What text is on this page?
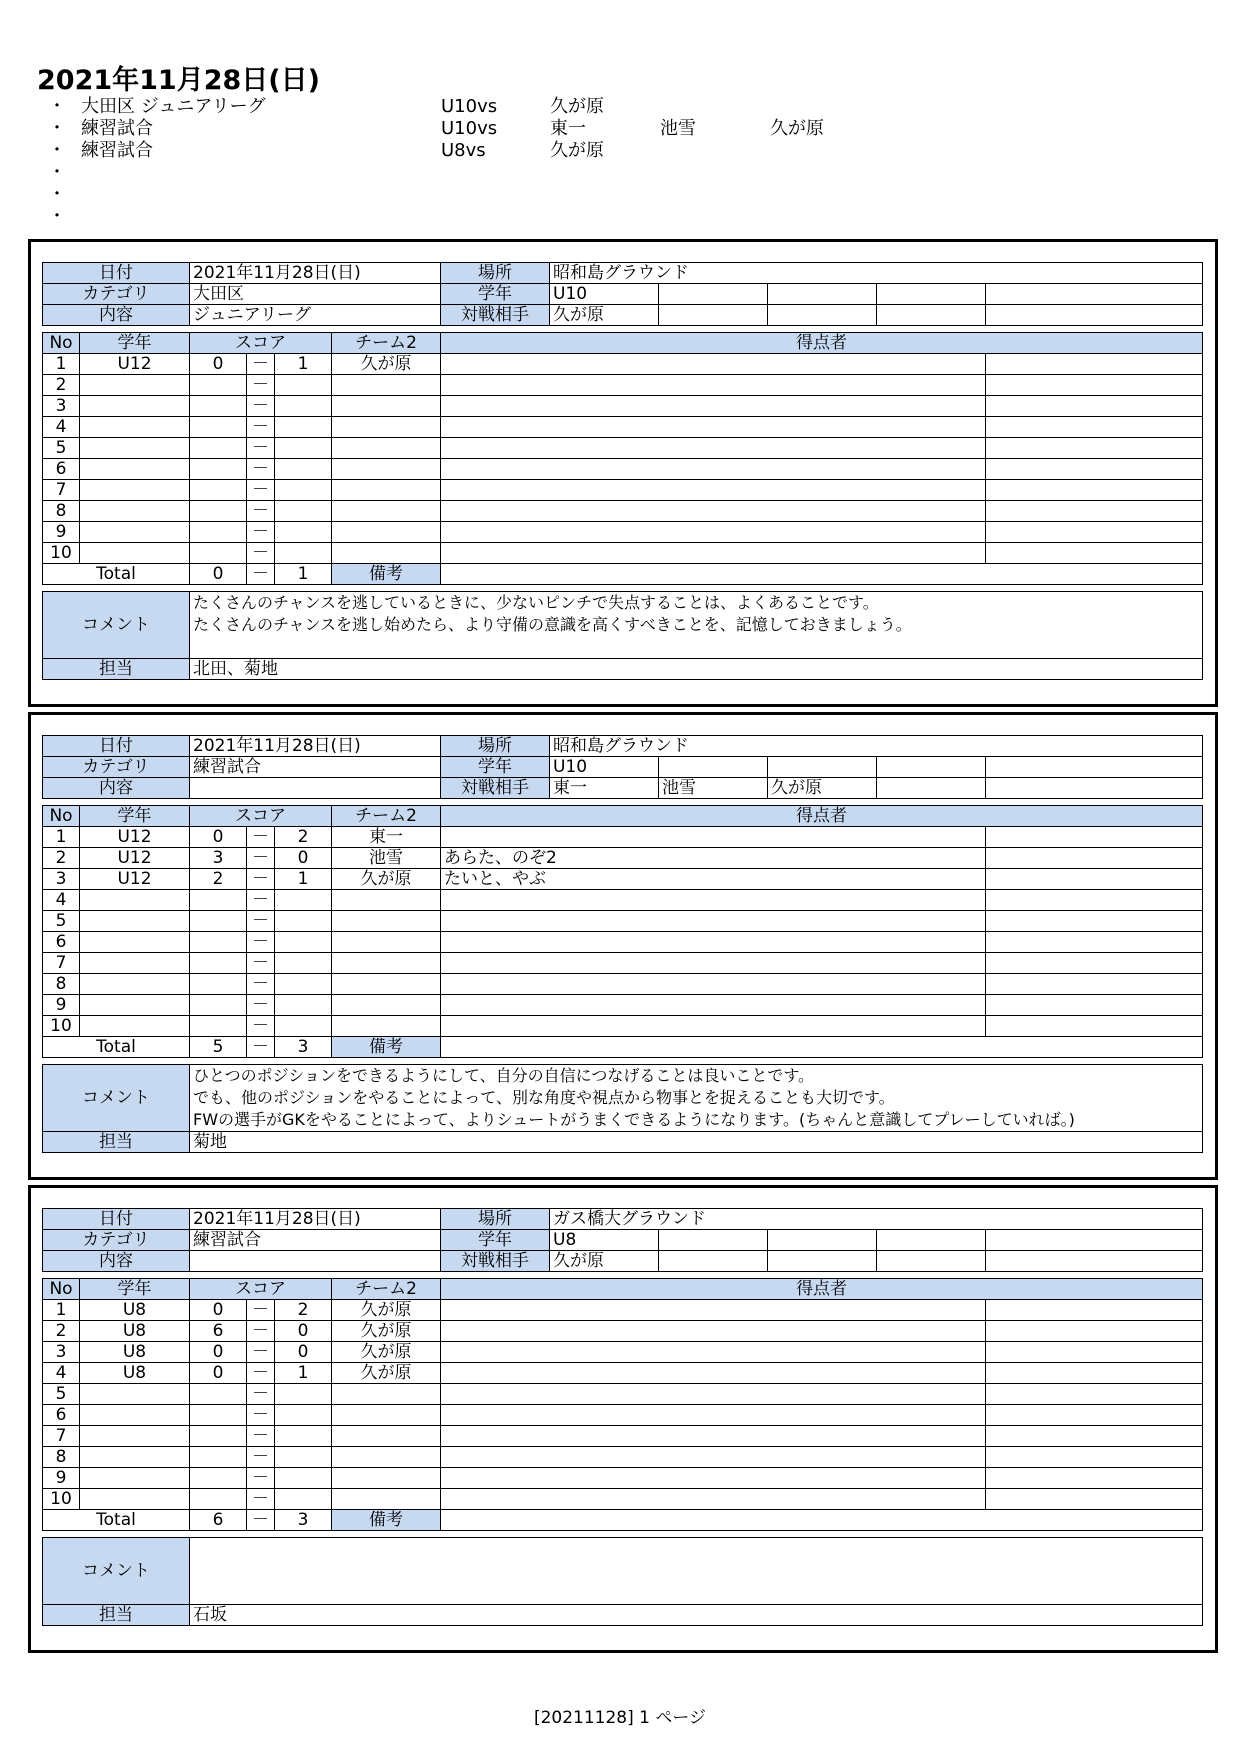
2021年11月28日(日)
・ 大田区 ジュニアリーグ	U10vs	久が原
・ 練習試合	U10vs	東一	池雪	久が原
・ 練習試合	U8vs	久が原
・
・
・
日付		2021年11月28日(日)				場所	昭和島グラウンド				
カテゴリ		大田区				学年	U10				
内容		ジュニアリーグ				対戦相手	久が原				

No	学年	スコア			チーム2	得点者					
1	U12	0	－	1	久が原						
2			－								
3			－								
4			－								
5			－								
6			－								
7			－								
8			－								
9			－								
10			－								
Total		0	－	1	備考						

コメント		たくさんのチャンスを逃しているときに、少ないピンチで失点することは、よくあることです。
たくさんのチャンスを逃し始めたら、より守備の意識を高くすべきことを、記憶しておきましょう。									

担当		北田、菊地									
日付		2021年11月28日(日)				場所	昭和島グラウンド				
カテゴリ		練習試合				学年	U10				
内容						対戦相手	東一	池雪	久が原		

No	学年	スコア			チーム2	得点者					
1	U12	0	－	2	東一						
2	U12	3	－	0	池雪	あらた、のぞ2					
3	U12	2	－	1	久が原	たいと、やぶ					
4			－								
5			－								
6			－								
7			－								
8			－								
9			－								
10			－								
Total		5	－	3	備考						

コメント		ひとつのポジションをできるようにして、自分の自信につなげることは良いことです。
でも、他のポジションをやることによって、別な角度や視点から物事とを捉えることも大切です。
FWの選手がGKをやることによって、よりシュートがうまくできるようになります。(ちゃんと意識してプレーしていれば。)									

担当		菊地									
日付		2021年11月28日(日)				場所	ガス橋大グラウンド				
カテゴリ		練習試合				学年	U8				
内容						対戦相手	久が原				

No	学年	スコア			チーム2	得点者					
1	U8	0	－	2	久が原						
2	U8	6	－	0	久が原						
3	U8	0	－	0	久が原						
4	U8	0	－	1	久が原						
5			－								
6			－								
7			－								
8			－								
9			－								
10			－								
Total		6	－	3	備考						

コメント											

担当		石坂									
[20211128] 1 ページ
